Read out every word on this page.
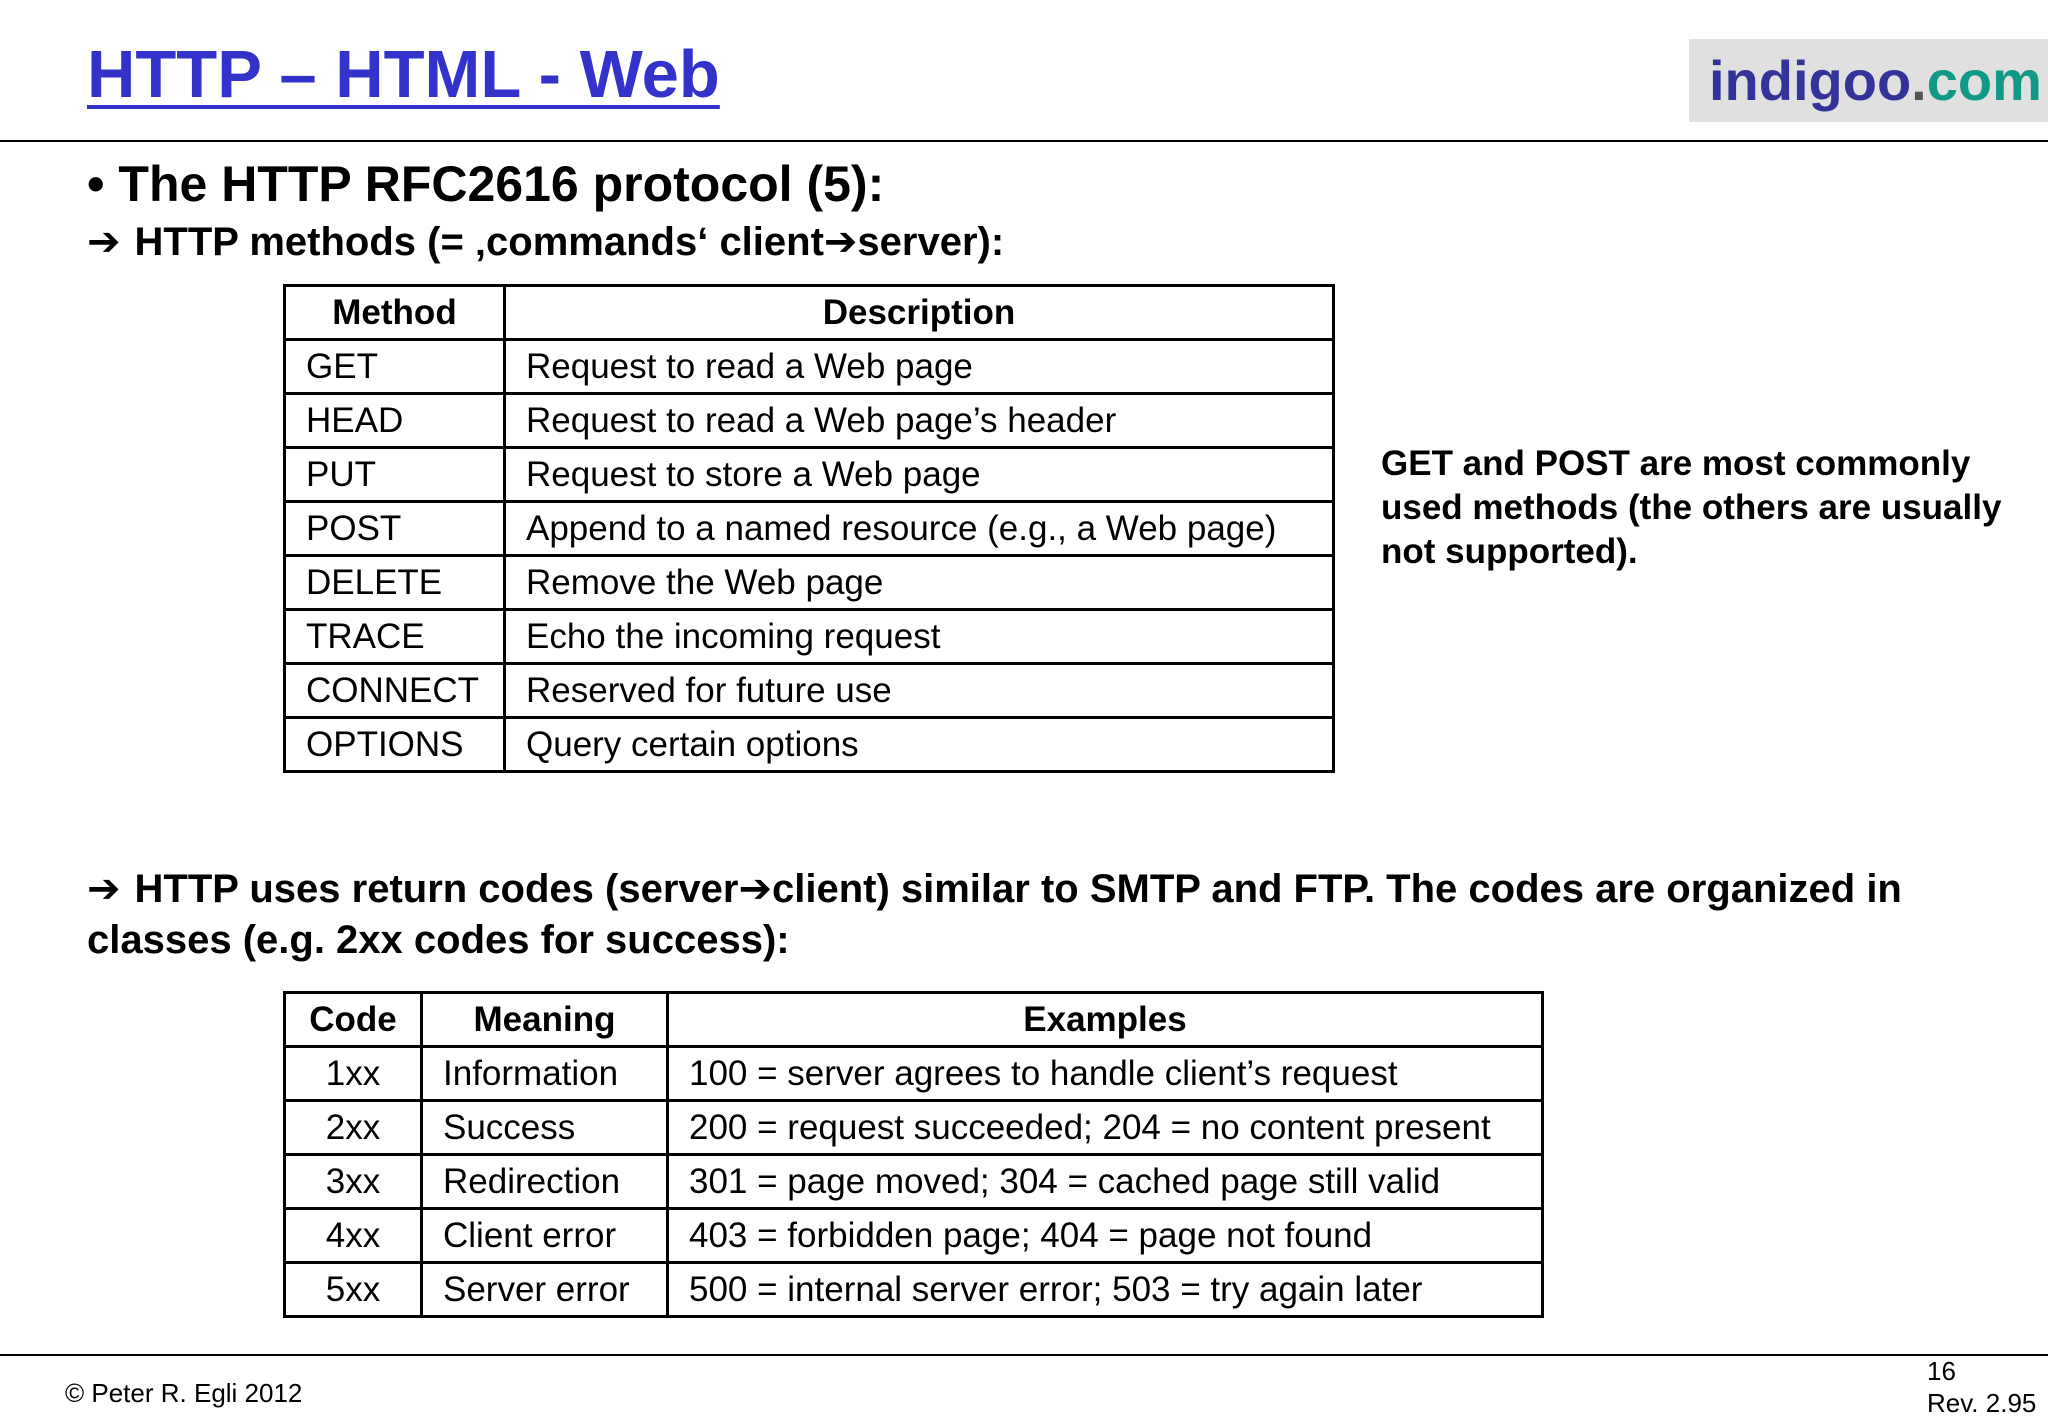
HTTP – HTML - Web	indigoo.com
• The HTTP RFC2616 protocol (5):
➔ HTTP methods (= ‚commands‘ client➔server):
Method	Description
GET	Request to read a Web page
HEAD	Request to read a Web page’s header
PUT	Request to store a Web page
POST	Append to a named resource (e.g., a Web page)
DELETE	Remove the Web page
TRACE	Echo the incoming request
CONNECT	Reserved for future use
OPTIONS	Query certain options
GET and POST are most commonly used methods (the others are usually not supported).
➔ HTTP uses return codes (server➔client) similar to SMTP and FTP. The codes are organized in classes (e.g. 2xx codes for success):
Code	Meaning	Examples
1xx	Information	100 = server agrees to handle client’s request
2xx	Success	200 = request succeeded; 204 = no content present
3xx	Redirection	301 = page moved; 304 = cached page still valid
4xx	Client error	403 = forbidden page; 404 = page not found
5xx	Server error	500 = internal server error; 503 = try again later
© Peter R. Egli 2012
16
Rev. 2.95
